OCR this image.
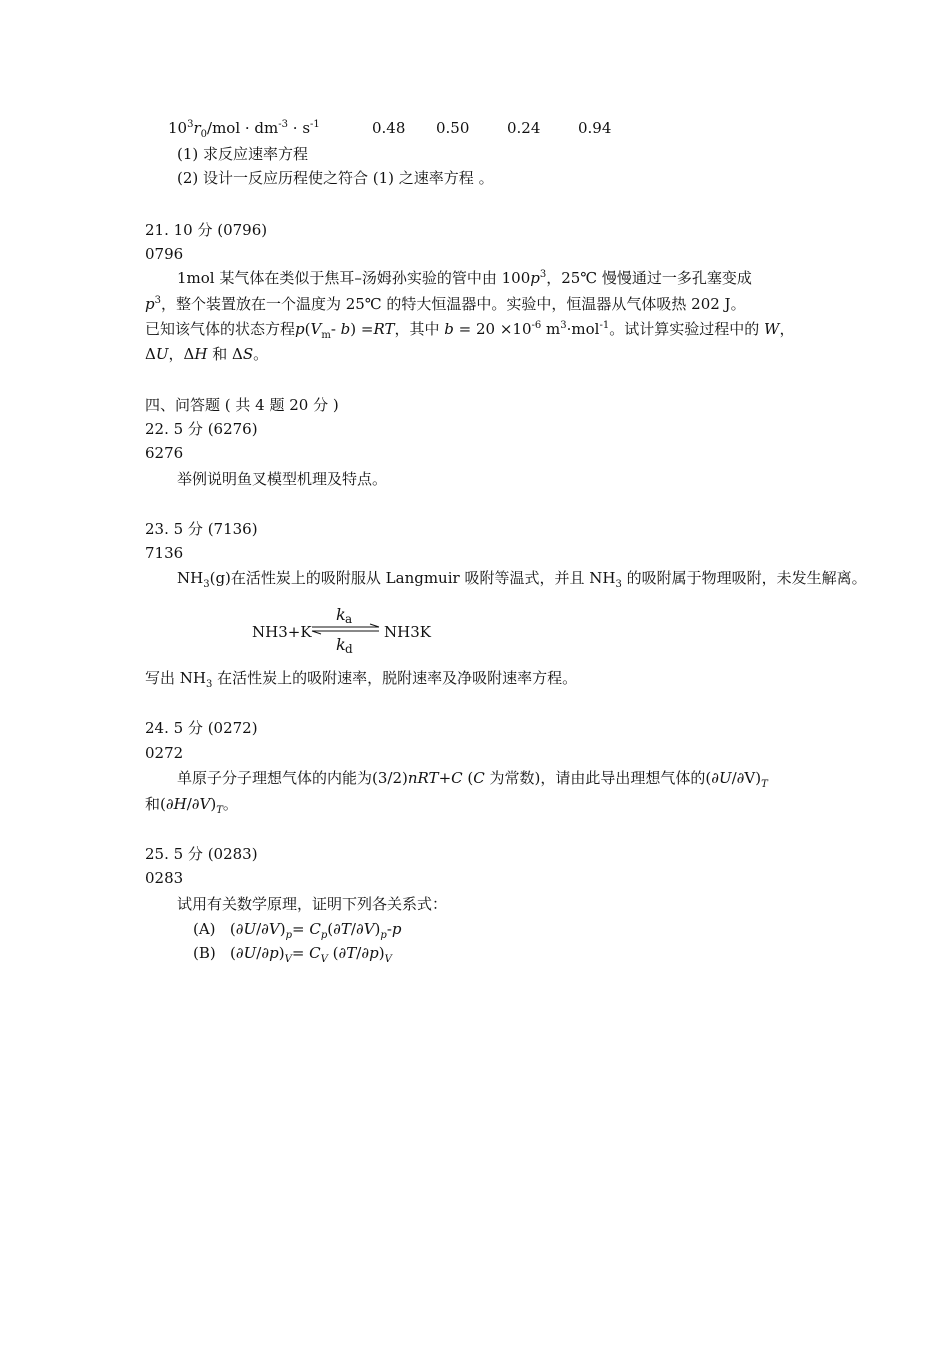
$10^3r_0$/mol · $dm^{-3} \cdot s^{-1}$	0.48 0.50	0.24	0.94
(1) 求反应速率方程
(2) 设计一反应历程使之符合 (1) 之速率方程 。
21. 10 分 (0796)
0796
1mol 某气体在类似于焦耳–汤姆孙实验的管中由 $100p^3$，25℃ 慢慢通过一多孔塞变成
$p^3$，整个装置放在一个温度为 25℃ 的特大恒温器中。实验中，恒温器从气体吸热 202 J。
已知该气体的状态方程$p(V_m-$ b) =RT，其中 $b = 20 \times 10^{-6}$ $m^3\cdot mol^{-1}$。试计算实验过程中的 W，
ΔU，ΔH 和 ΔS。
四、问答题 ( 共 4 题 20 分 )
22. 5 分 (6276)
6276
举例说明鱼叉模型机理及特点。
23. 5 分 (7136)
7136
$NH_3(g)$在活性炭上的吸附服从 Langmuir 吸附等温式，并且 $NH_3$ 的吸附属于物理吸附，未发生解离。
NH3+K
k a
k d
NH3K
写出 $NH_3$ 在活性炭上的吸附速率，脱附速率及净吸附速率方程。
24. 5 分 (0272)
0272
单原子分子理想气体的内能为(3/2)nRT+C (C 为常数)，请由此导出理想气体的$(\partial U/\partial V)_T$
和$(\partial H/\partial V)_T$。
25. 5 分 (0283)
0283
试用有关数学原理，证明下列各关系式：
(A)   $(\partial U/\partial V)_p= C_p(\partial T/\partial V)_p-p$
(B)   $(\partial U/\partial p)_V= C_V$ $(\partial T/\partial p)_V$
